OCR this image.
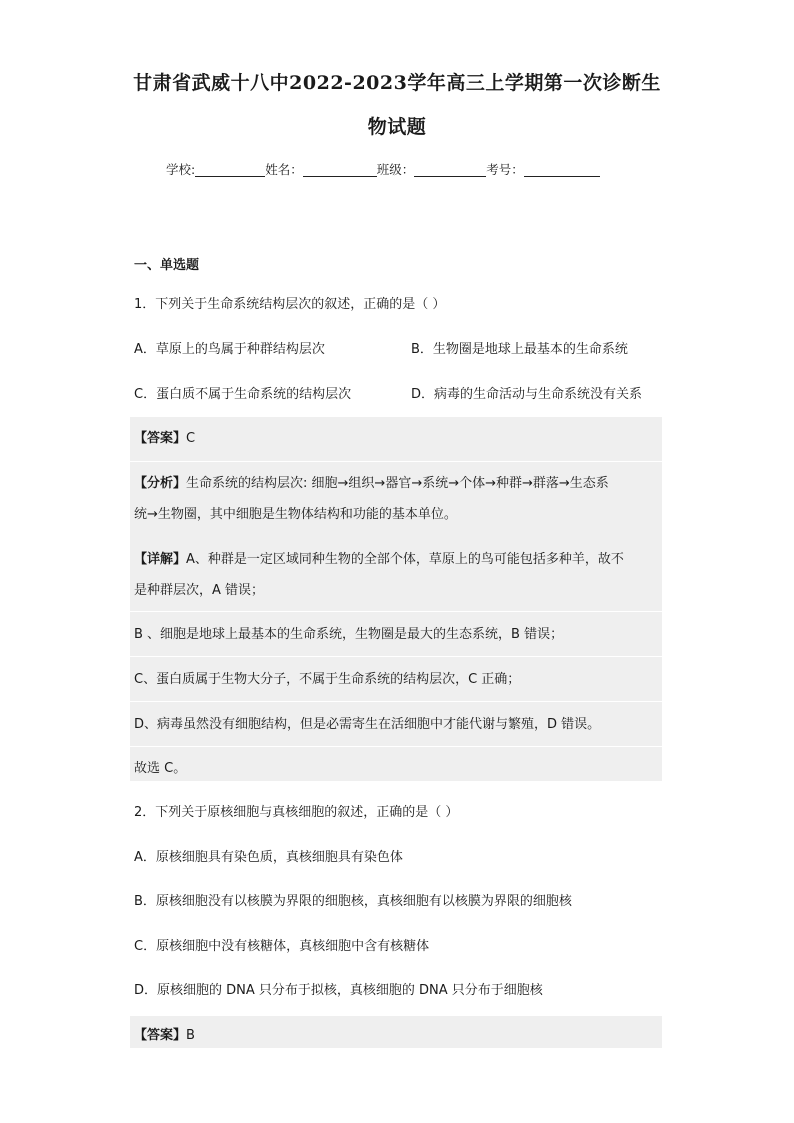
甘肃省武威十八中2022-2023学年高三上学期第一次诊断生
物试题
学校:	姓名：	班级：	考号：
一、单选题
1．下列关于生命系统结构层次的叙述，正确的是（ ）
A．草原上的鸟属于种群结构层次	B．生物圈是地球上最基本的生命系统
C．蛋白质不属于生命系统的结构层次	D．病毒的生命活动与生命系统没有关系
【答案】C
【分析】生命系统的结构层次: 细胞→组织→器官→系统→个体→种群→群落→生态系
统→生物圈，其中细胞是生物体结构和功能的基本单位。
【详解】A、种群是一定区域同种生物的全部个体，草原上的鸟可能包括多种羊，故不
是种群层次，A 错误；
B 、细胞是地球上最基本的生命系统，生物圈是最大的生态系统，B 错误；
C、蛋白质属于生物大分子，不属于生命系统的结构层次，C 正确；
D、病毒虽然没有细胞结构，但是必需寄生在活细胞中才能代谢与繁殖，D 错误。
故选 C。
2．下列关于原核细胞与真核细胞的叙述，正确的是（ ）
A．原核细胞具有染色质，真核细胞具有染色体
B．原核细胞没有以核膜为界限的细胞核，真核细胞有以核膜为界限的细胞核
C．原核细胞中没有核糖体，真核细胞中含有核糖体
D．原核细胞的 DNA 只分布于拟核，真核细胞的 DNA 只分布于细胞核
【答案】B
